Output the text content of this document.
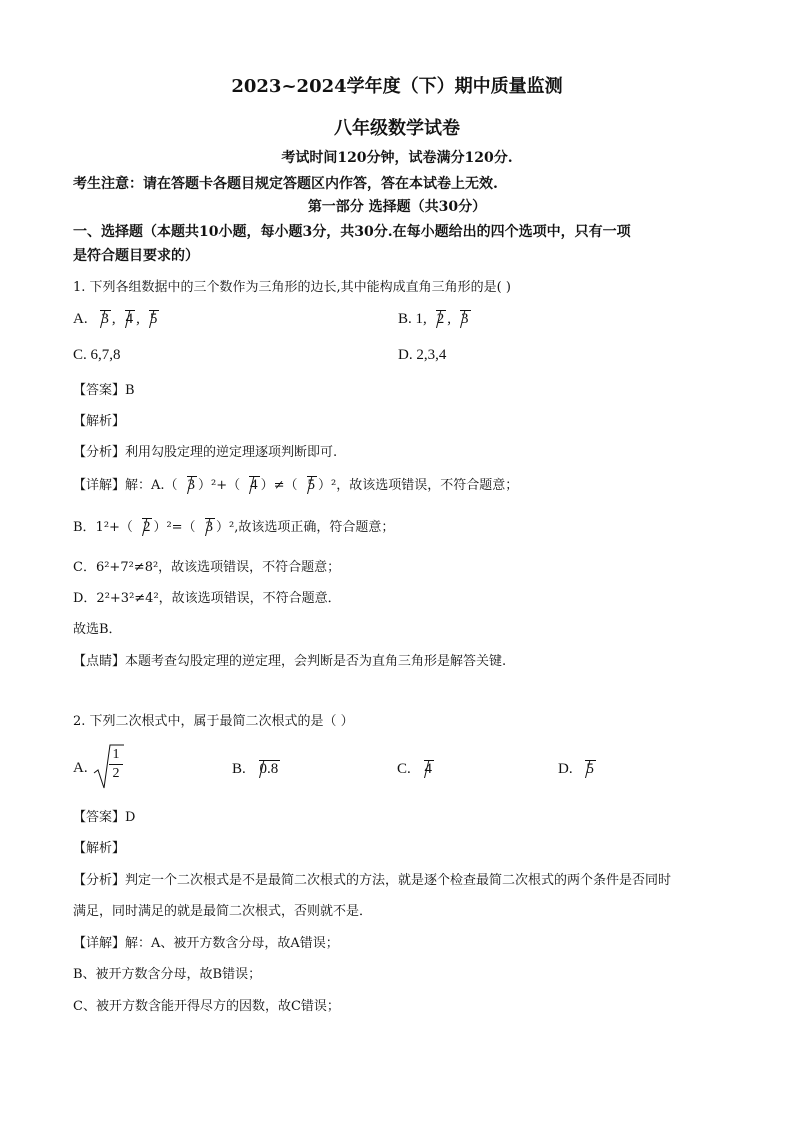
2023~2024学年度（下）期中质量监测
八年级数学试卷
考试时间120分钟，试卷满分120分.
考生注意：请在答题卡各题目规定答题区内作答，答在本试卷上无效.
第一部分 选择题（共30分）
一、选择题（本题共10小题，每小题3分，共30分.在每小题给出的四个选项中，只有一项
是符合题目要求的）
1. 下列各组数据中的三个数作为三角形的边长,其中能构成直角三角形的是( )
A. 3 , 4 , 5	B. 1, 2 , 3
C. 6,7,8	D. 2,3,4
【答案】B
【解析】
【分析】利用勾股定理的逆定理逐项判断即可.
【详解】解：A.（ 3 ）²+（ 4 ）≠（ 5 ）²，故该选项错误，不符合题意；
B．1²+（ 2 ）²=（ 3 ）²,故该选项正确，符合题意；
C．6²+7²≠8²，故该选项错误，不符合题意；
D．2²+3²≠4²，故该选项错误，不符合题意．
故选B．
【点睛】本题考查勾股定理的逆定理，会判断是否为直角三角形是解答关键.
2. 下列二次根式中，属于最简二次根式的是（ ）
A. $\frac{1}{2}$	B. 0.8	C. 4	D. 5
【答案】D
【解析】
【分析】判定一个二次根式是不是最简二次根式的方法，就是逐个检查最简二次根式的两个条件是否同时
满足，同时满足的就是最简二次根式，否则就不是．
【详解】解：A、被开方数含分母，故A错误；
B、被开方数含分母，故B错误；
C、被开方数含能开得尽方的因数，故C错误；
